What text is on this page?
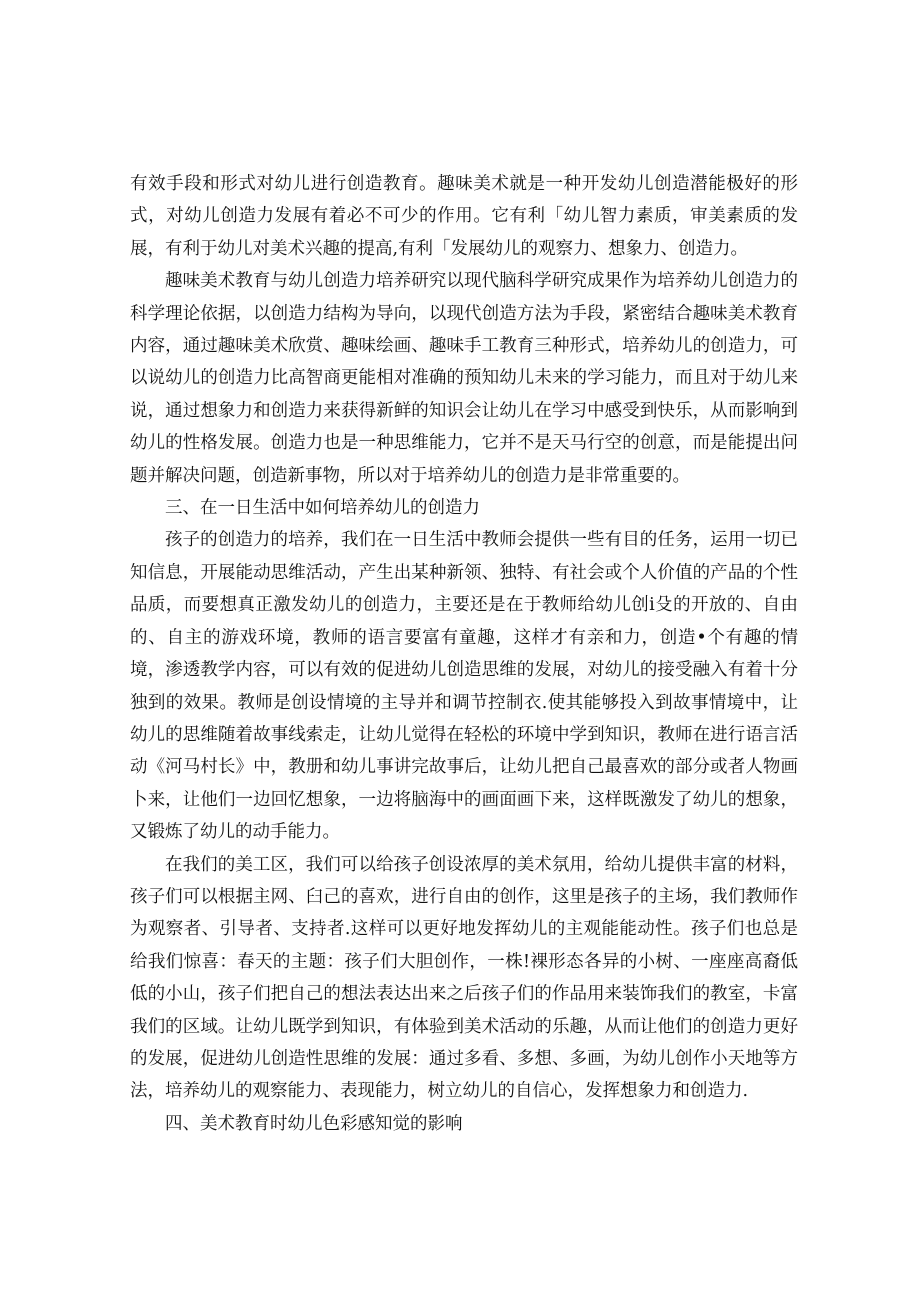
有效手段和形式对幼儿进行创造教育。趣味美术就是一种开发幼儿创造潜能极好的形式，对幼儿创造力发展有着必不可少的作用。它有利「幼儿智力素质，审美素质的发展，有利于幼儿对美术兴趣的提高,有利「发展幼儿的观察力、想象力、创造力。

趣味美术教育与幼儿创造力培养研究以现代脑科学研究成果作为培养幼儿创造力的科学理论依据，以创造力结构为导向，以现代创造方法为手段，紧密结合趣味美术教育内容，通过趣味美术欣赏、趣味绘画、趣味手工教育三种形式，培养幼儿的创造力，可以说幼儿的创造力比高智商更能相对准确的预知幼儿未来的学习能力，而且对于幼儿来说，通过想象力和创造力来获得新鲜的知识会让幼儿在学习中感受到快乐，从而影响到幼儿的性格发展。创造力也是一种思维能力，它并不是天马行空的创意，而是能提出问题并解决问题，创造新事物，所以对于培养幼儿的创造力是非常重要的。

三、在一日生活中如何培养幼儿的创造力

孩子的创造力的培养，我们在一日生活中教师会提供一些有目的任务，运用一切已知信息，开展能动思维活动，产生出某种新领、独特、有社会或个人价值的产品的个性品质，而要想真正激发幼儿的创造力，主要还是在于教师给幼儿创i殳的开放的、自由的、自主的游戏环境，教师的语言要富有童趣，这样才有亲和力，创造•个有趣的情境，渗透教学内容，可以有效的促进幼儿创造思维的发展，对幼儿的接受融入有着十分独到的效果。教师是创设情境的主导并和调节控制衣.使其能够投入到故事情境中，让幼儿的思维随着故事线索走，让幼儿觉得在轻松的环境中学到知识，教师在进行语言活动《河马村长》中，教册和幼儿事讲完故事后，让幼儿把自己最喜欢的部分或者人物画卜来，让他们一边回忆想象，一边将脑海中的画面画下来，这样既激发了幼儿的想象，又锻炼了幼儿的动手能力。

在我们的美工区，我们可以给孩子创设浓厚的美术氛用，给幼儿提供丰富的材料，孩子们可以根据主网、臼己的喜欢，进行自由的创作，这里是孩子的主场，我们教师作为观察者、引导者、支持者.这样可以更好地发挥幼儿的主观能能动性。孩子们也总是给我们惊喜：春天的主题：孩子们大胆创作，一株!裸形态各异的小树、一座座高裔低低的小山，孩子们把自己的想法表达出来之后孩子们的作品用来装饰我们的教室，卡富我们的区域。让幼儿既学到知识，有体验到美术活动的乐趣，从而让他们的创造力更好的发展，促进幼儿创造性思维的发展：通过多看、多想、多画，为幼儿创作小天地等方法，培养幼儿的观察能力、表现能力，树立幼儿的自信心，发挥想象力和创造力.

四、美术教育时幼儿色彩感知觉的影响
